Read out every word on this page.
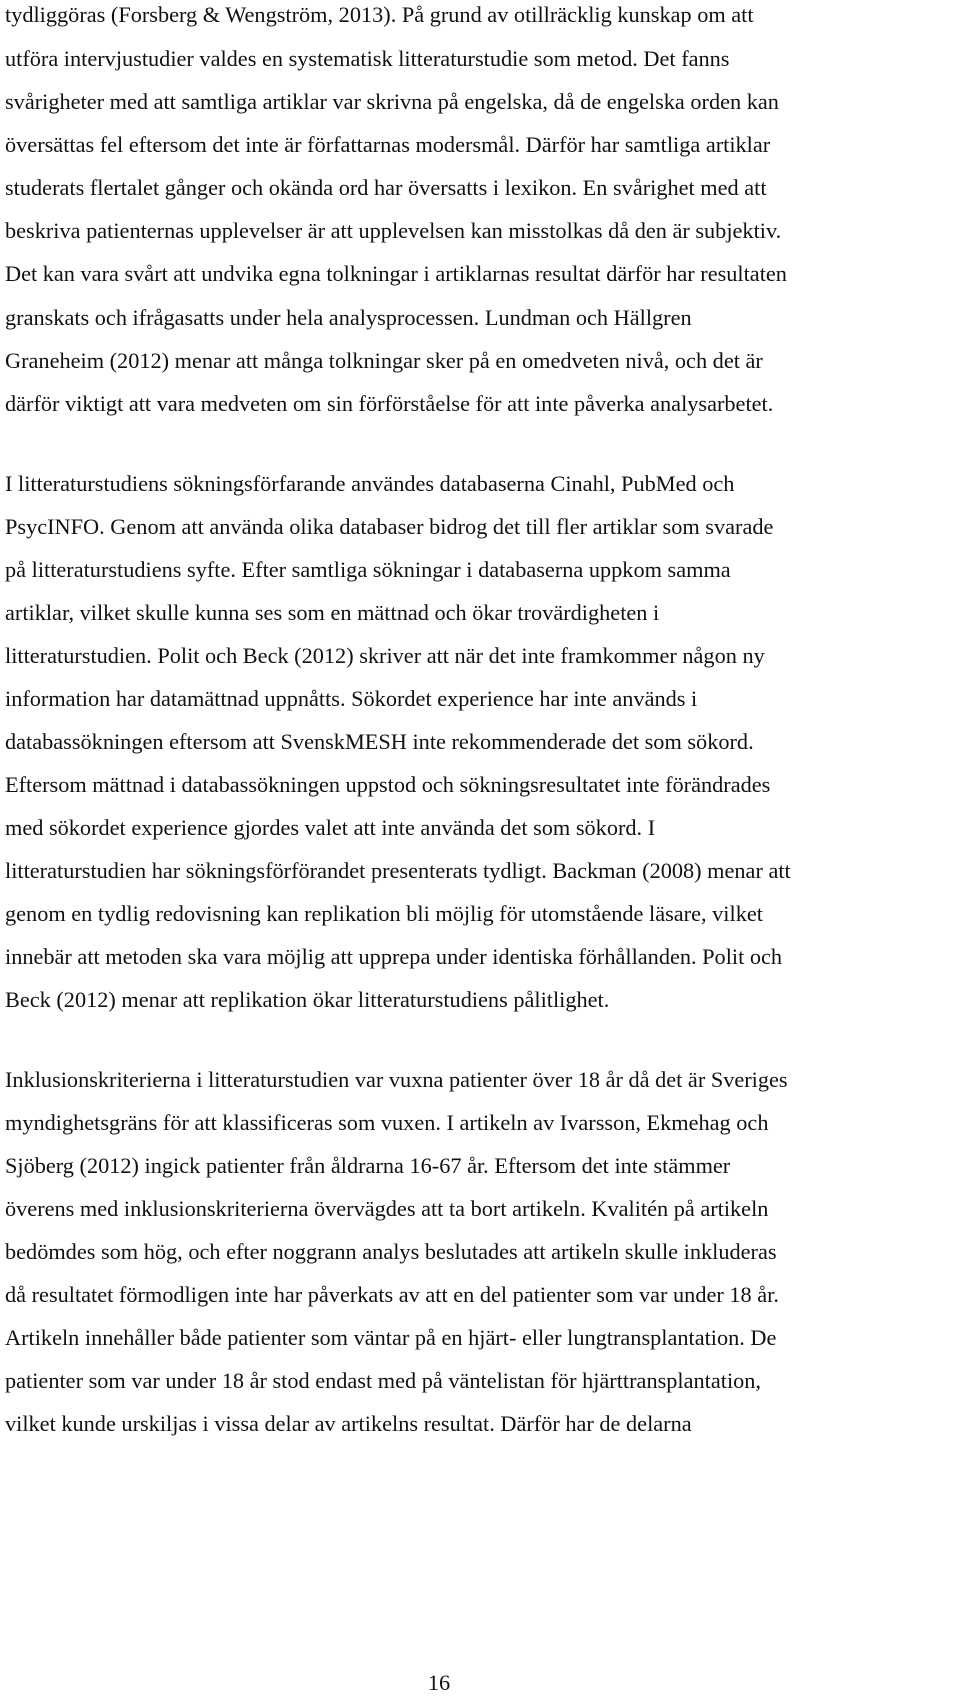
tydliggöras (Forsberg & Wengström, 2013). På grund av otillräcklig kunskap om att

utföra intervjustudier valdes en systematisk litteraturstudie som metod. Det fanns

svårigheter med att samtliga artiklar var skrivna på engelska, då de engelska orden kan

översättas fel eftersom det inte är författarnas modersmål. Därför har samtliga artiklar

studerats flertalet gånger och okända ord har översatts i lexikon. En svårighet med att

beskriva patienternas upplevelser är att upplevelsen kan misstolkas då den är subjektiv.

Det kan vara svårt att undvika egna tolkningar i artiklarnas resultat därför har resultaten

granskats och ifrågasatts under hela analysprocessen. Lundman och Hällgren

Graneheim (2012) menar att många tolkningar sker på en omedveten nivå, och det är

därför viktigt att vara medveten om sin förförståelse för att inte påverka analysarbetet.

I litteraturstudiens sökningsförfarande användes databaserna Cinahl, PubMed och

PsycINFO. Genom att använda olika databaser bidrog det till fler artiklar som svarade

på litteraturstudiens syfte. Efter samtliga sökningar i databaserna uppkom samma

artiklar, vilket skulle kunna ses som en mättnad och ökar trovärdigheten i

litteraturstudien. Polit och Beck (2012) skriver att när det inte framkommer någon ny

information har datamättnad uppnåtts. Sökordet experience har inte används i

databassökningen eftersom att SvenskMESH inte rekommenderade det som sökord.

Eftersom mättnad i databassökningen uppstod och sökningsresultatet inte förändrades

med sökordet experience gjordes valet att inte använda det som sökord. I

litteraturstudien har sökningsförförandet presenterats tydligt. Backman (2008) menar att

genom en tydlig redovisning kan replikation bli möjlig för utomstående läsare, vilket

innebär att metoden ska vara möjlig att upprepa under identiska förhållanden. Polit och

Beck (2012) menar att replikation ökar litteraturstudiens pålitlighet.

Inklusionskriterierna i litteraturstudien var vuxna patienter över 18 år då det är Sveriges

myndighetsgräns för att klassificeras som vuxen. I artikeln av Ivarsson, Ekmehag och

Sjöberg (2012) ingick patienter från åldrarna 16-67 år. Eftersom det inte stämmer

överens med inklusionskriterierna övervägdes att ta bort artikeln. Kvalitén på artikeln

bedömdes som hög, och efter noggrann analys beslutades att artikeln skulle inkluderas

då resultatet förmodligen inte har påverkats av att en del patienter som var under 18 år.

Artikeln innehåller både patienter som väntar på en hjärt- eller lungtransplantation. De

patienter som var under 18 år stod endast med på väntelistan för hjärttransplantation,

vilket kunde urskiljas i vissa delar av artikelns resultat. Därför har de delarna

16
